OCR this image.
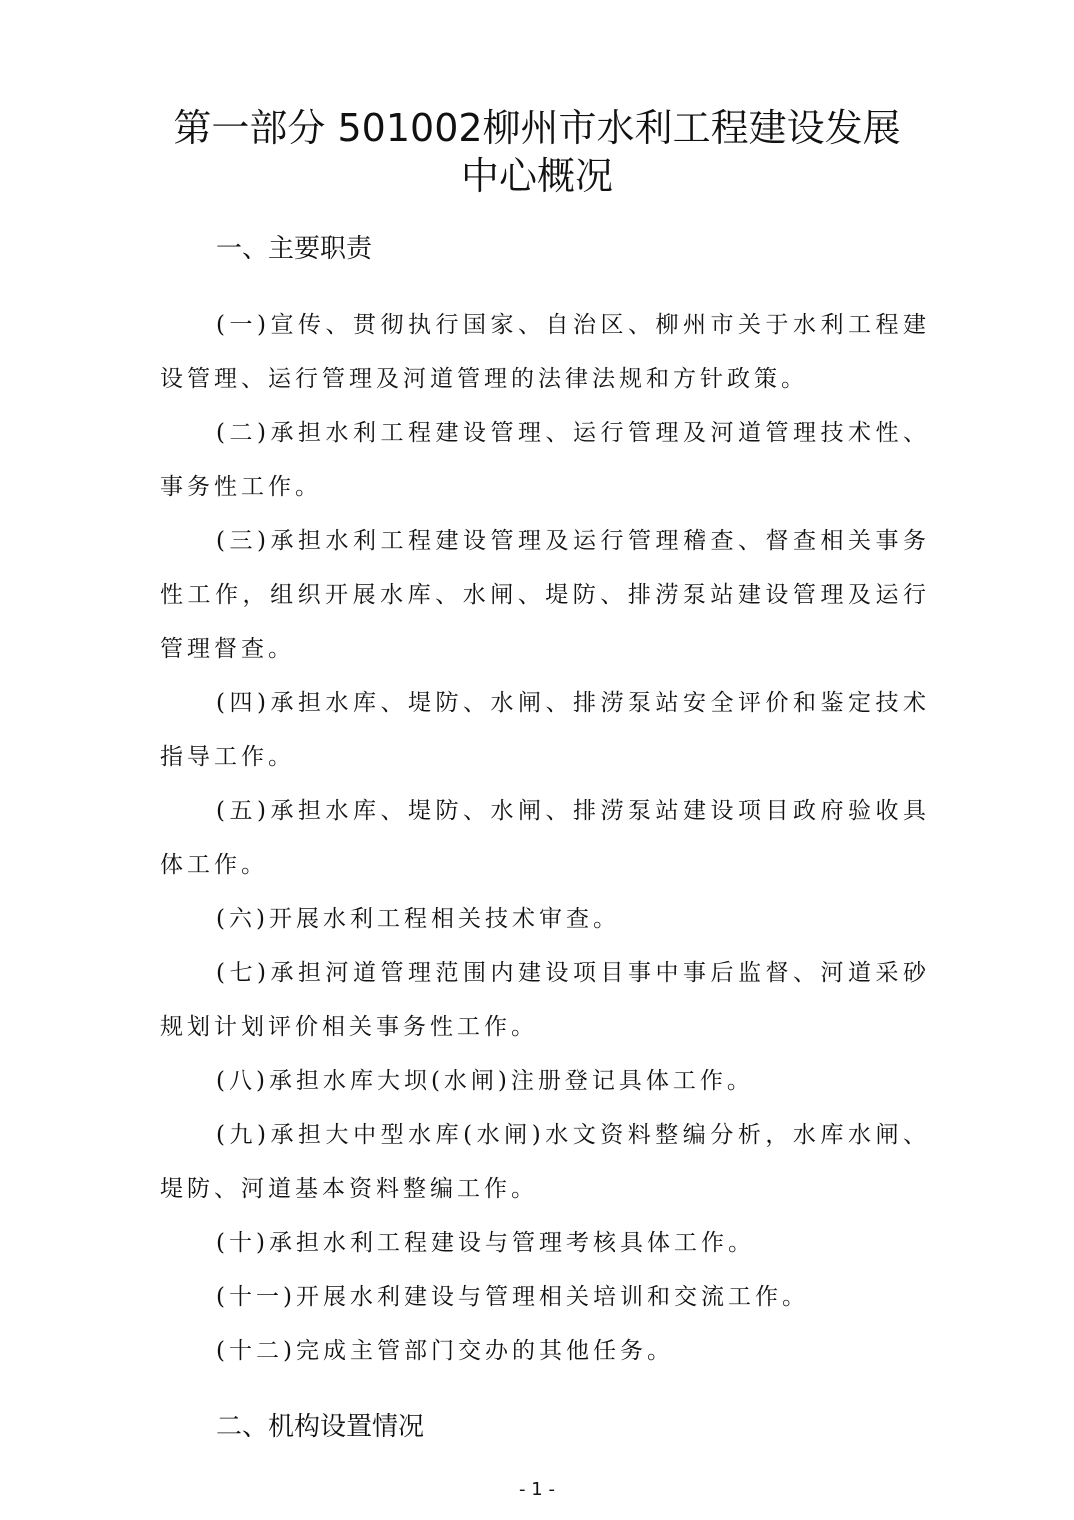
第一部分 501002柳州市水利工程建设发展
中心概况
一、主要职责
(一)宣传、贯彻执行国家、自治区、柳州市关于水利工程建设管理、运行管理及河道管理的法律法规和方针政策。
(二)承担水利工程建设管理、运行管理及河道管理技术性、事务性工作。
(三)承担水利工程建设管理及运行管理稽查、督查相关事务性工作，组织开展水库、水闸、堤防、排涝泵站建设管理及运行管理督查。
(四)承担水库、堤防、水闸、排涝泵站安全评价和鉴定技术指导工作。
(五)承担水库、堤防、水闸、排涝泵站建设项目政府验收具体工作。
(六)开展水利工程相关技术审查。
(七)承担河道管理范围内建设项目事中事后监督、河道采砂规划计划评价相关事务性工作。
(八)承担水库大坝(水闸)注册登记具体工作。
(九)承担大中型水库(水闸)水文资料整编分析，水库水闸、堤防、河道基本资料整编工作。
(十)承担水利工程建设与管理考核具体工作。
(十一)开展水利建设与管理相关培训和交流工作。
(十二)完成主管部门交办的其他任务。
二、机构设置情况
- 1 -
